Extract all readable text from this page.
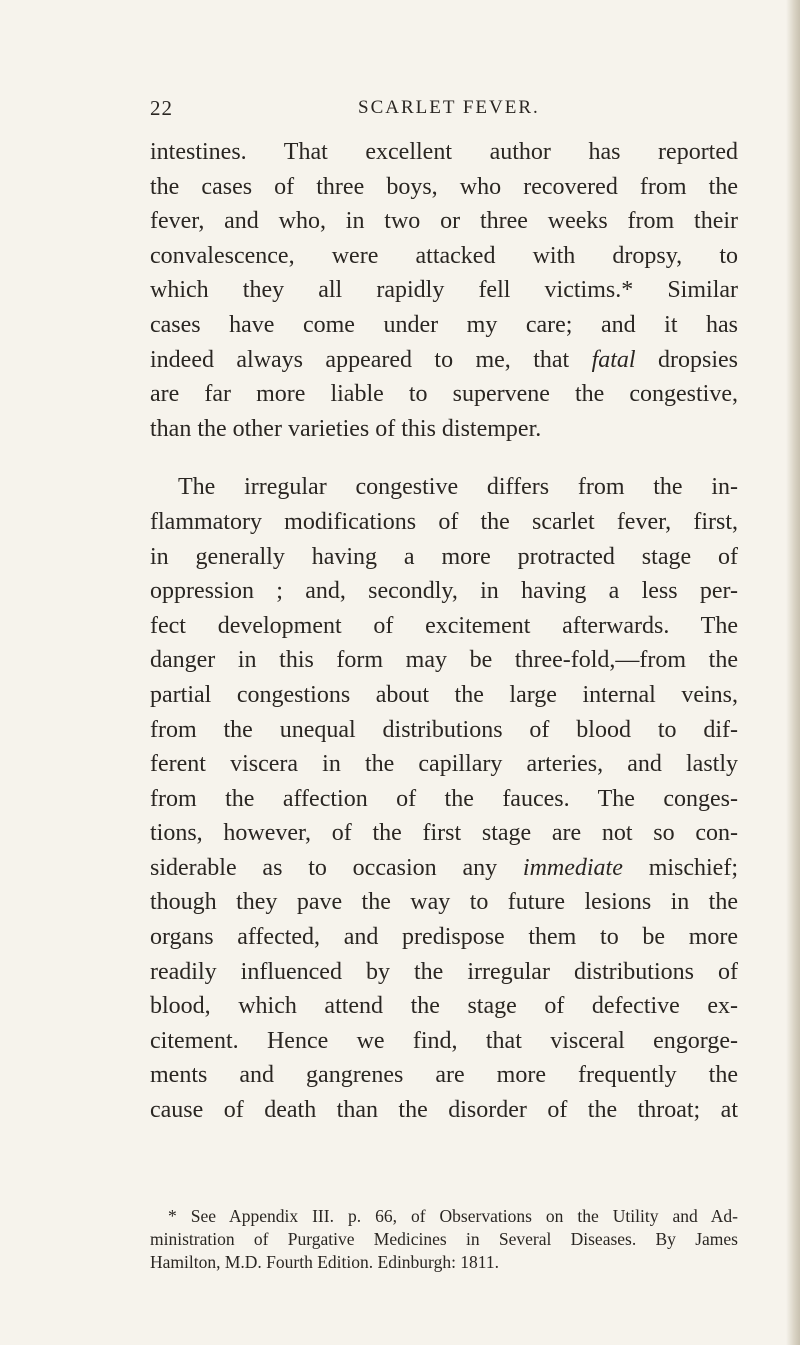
22	SCARLET FEVER.
intestines. That excellent author has reported
the cases of three boys, who recovered from the
fever, and who, in two or three weeks from their
convalescence, were attacked with dropsy, to
which they all rapidly fell victims.* Similar
cases have come under my care; and it has
indeed always appeared to me, that fatal dropsies
are far more liable to supervene the congestive,
than the other varieties of this distemper.
The irregular congestive differs from the in-
flammatory modifications of the scarlet fever, first,
in generally having a more protracted stage of
oppression ; and, secondly, in having a less per-
fect development of excitement afterwards. The
danger in this form may be three-fold,—from the
partial congestions about the large internal veins,
from the unequal distributions of blood to dif-
ferent viscera in the capillary arteries, and lastly
from the affection of the fauces. The conges-
tions, however, of the first stage are not so con-
siderable as to occasion any immediate mischief;
though they pave the way to future lesions in the
organs affected, and predispose them to be more
readily influenced by the irregular distributions of
blood, which attend the stage of defective ex-
citement. Hence we find, that visceral engorge-
ments and gangrenes are more frequently the
cause of death than the disorder of the throat; at
* See Appendix III. p. 66, of Observations on the Utility and Ad-
ministration of Purgative Medicines in Several Diseases. By James
Hamilton, M.D. Fourth Edition. Edinburgh: 1811.
